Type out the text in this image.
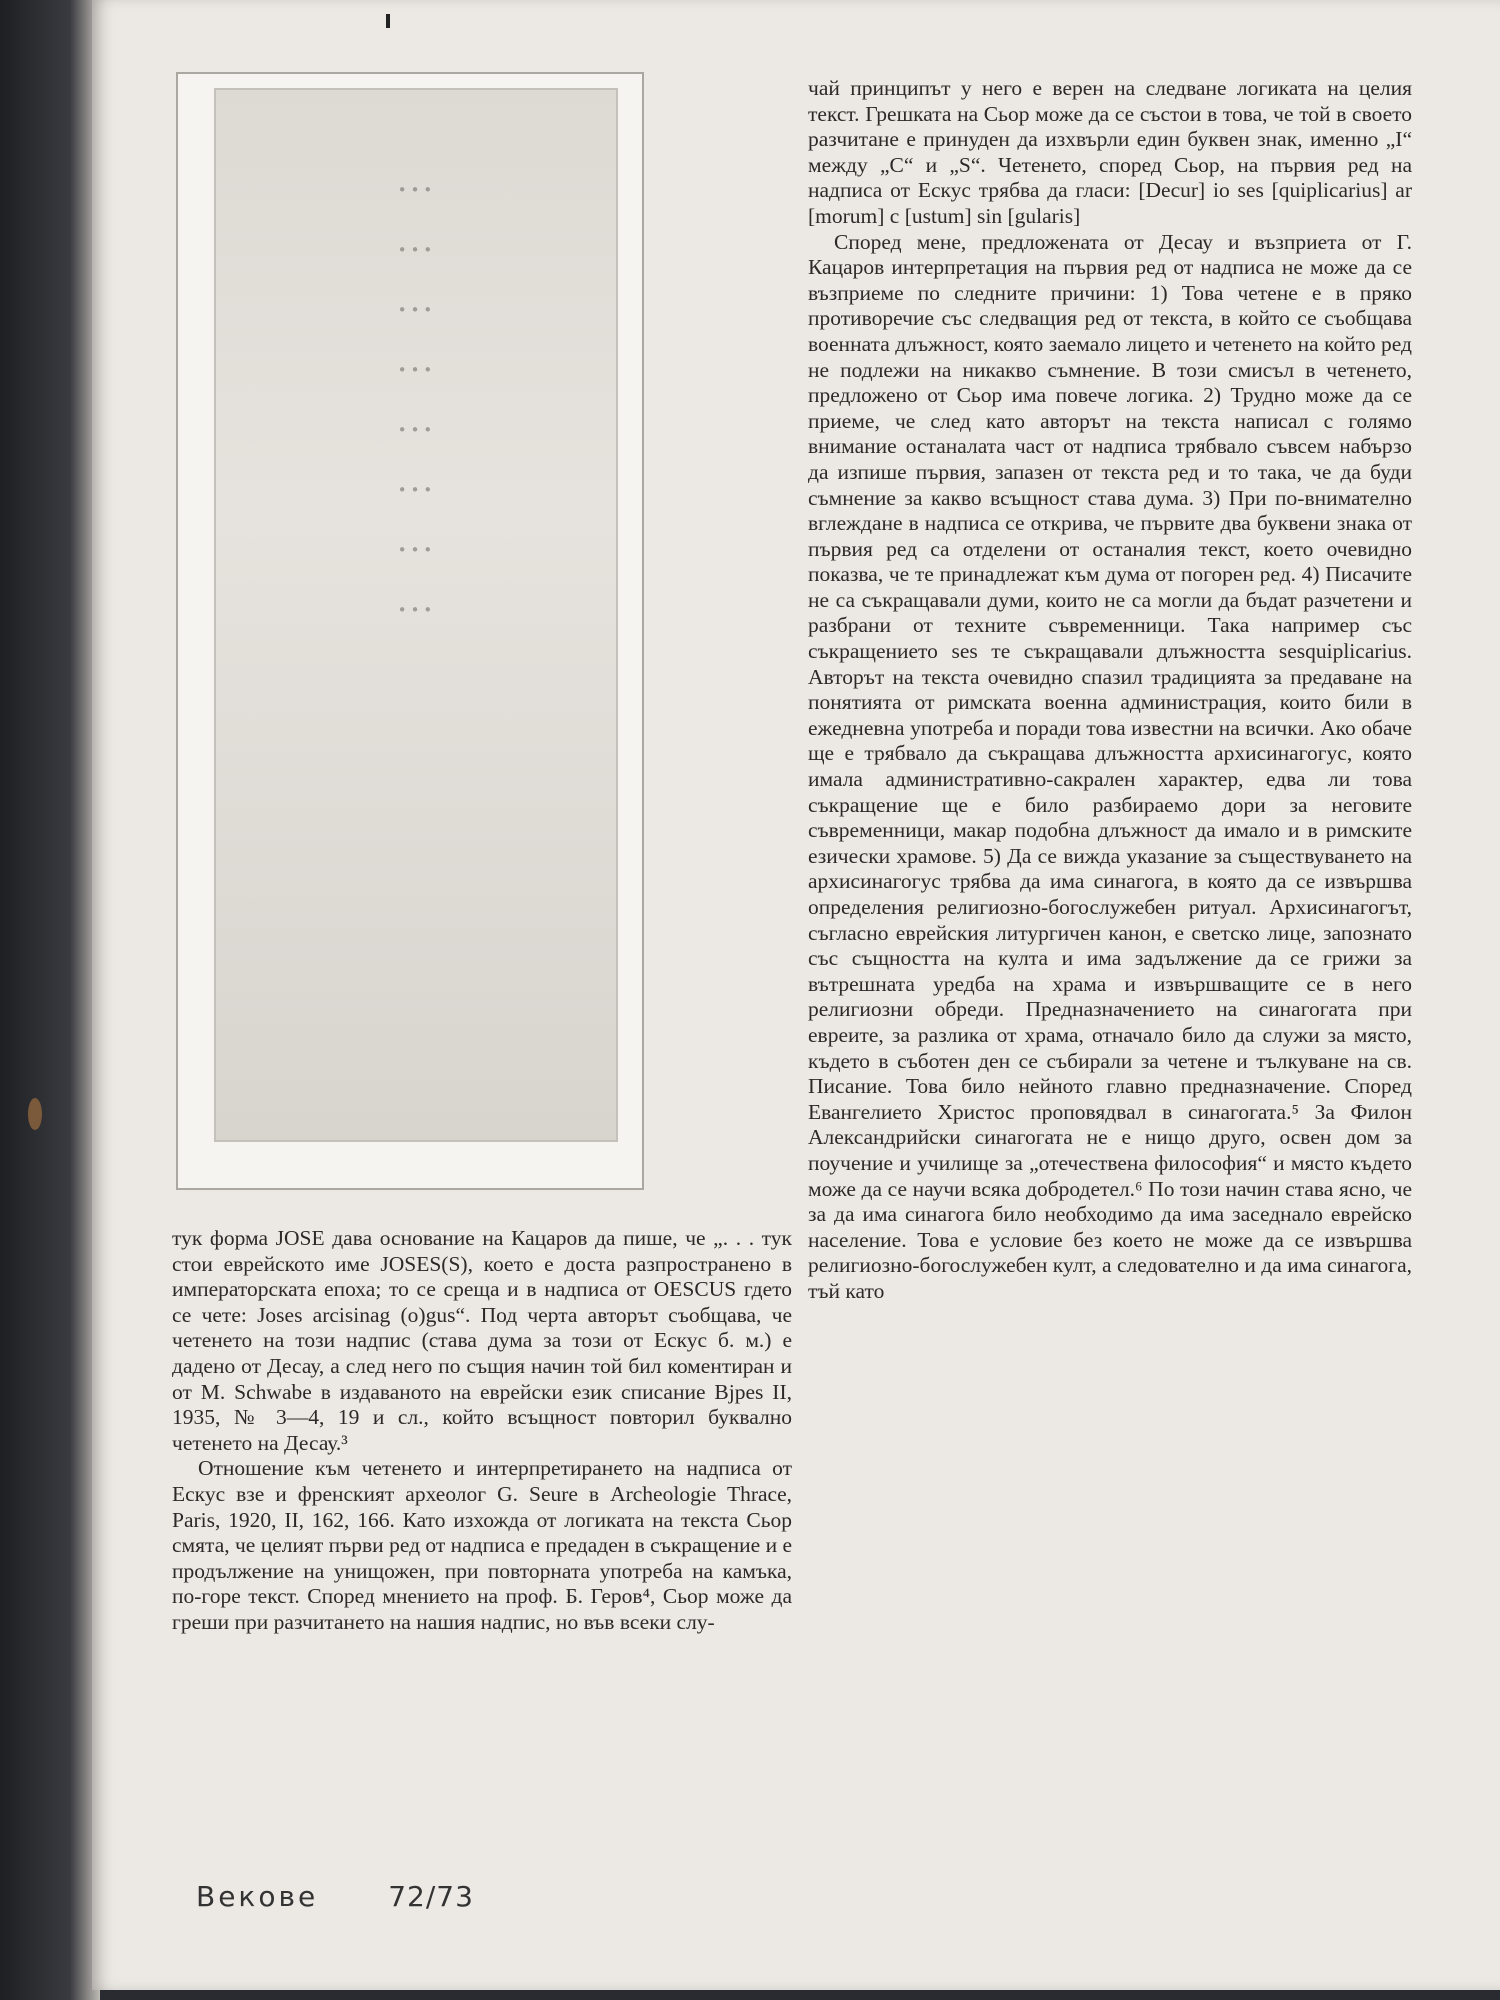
...
...
...
...
...
...
...
...

тук форма JOSE дава основание на Кацаров да пише, че „. . . тук стои еврейското име JOSES(S), което е доста разпространено в императорската епоха; то се среща и в надписа от OESCUS гдето се чете: Joses arcisinag (o)gus“. Под черта авторът съобщава, че четенето на този надпис (става дума за този от Ескус б. м.) е дадено от Десау, а след него по същия начин той бил коментиран и от М. Schwabe в издаваното на еврейски език списание Bjpes II, 1935, № 3—4, 19 и сл., който всъщност повторил буквално четенето на Десау.³

Отношение към четенето и интерпретирането на надписа от Ескус взе и френският археолог G. Seure в Archeologie Thrace, Paris, 1920, II, 162, 166. Като изхожда от логиката на текста Сьор смята, че целият първи ред от надписа е предаден в съкращение и е продължение на унищожен, при повторната употреба на камъка, по-горе текст. Според мнението на проф. Б. Геров⁴, Сьор може да греши при разчитането на нашия надпис, но във всеки слу-

чай принципът у него е верен на следване логиката на целия текст. Грешката на Сьор може да се състои в това, че той в своето разчитане е принуден да изхвърли един буквен знак, именно „I“ между „C“ и „S“. Четенето, според Сьор, на първия ред на надписа от Ескус трябва да гласи: [Decur] io ses [quiplicarius] ar [morum] c [ustum] sin [gularis]

Според мене, предложената от Десау и възприета от Г. Кацаров интерпретация на първия ред от надписа не може да се възприеме по следните причини: 1) Това четене е в пряко противоречие със следващия ред от текста, в който се съобщава военната длъжност, която заемало лицето и четенето на който ред не подлежи на никакво съмнение. В този смисъл в четенето, предложено от Сьор има повече логика. 2) Трудно може да се приеме, че след като авторът на текста написал с голямо внимание останалата част от надписа трябвало съвсем набързо да изпише първия, запазен от текста ред и то така, че да буди съмнение за какво всъщност става дума. 3) При по-внимателно вглеждане в надписа се открива, че първите два буквени знака от първия ред са отделени от останалия текст, което очевидно показва, че те принадлежат към дума от погорен ред. 4) Писачите не са съкращавали думи, които не са могли да бъдат разчетени и разбрани от техните съвременници. Така например със съкращението ses те съкращавали длъжността sesquiplicarius. Авторът на текста очевидно спазил традицията за предаване на понятията от римската военна администрация, които били в ежедневна употреба и поради това известни на всички. Ако обаче ще е трябвало да съкращава длъжността архисинагогус, която имала административно-сакрален характер, едва ли това съкращение ще е било разбираемо дори за неговите съвременници, макар подобна длъжност да имало и в римските езически храмове. 5) Да се вижда указание за съществуването на архисинагогус трябва да има синагога, в която да се извършва определения религиозно-богослужебен ритуал. Архисинагогът, съгласно еврейския литургичен канон, е светско лице, запознато със същността на култа и има задължение да се грижи за вътрешната уредба на храма и извършващите се в него религиозни обреди. Предназначението на синагогата при евреите, за разлика от храма, отначало било да служи за място, където в съботен ден се събирали за четене и тълкуване на св. Писание. Това било нейното главно предназначение. Според Евангелието Христос проповядвал в синагогата.⁵ За Филон Александрийски синагогата не е нищо друго, освен дом за поучение и училище за „отечествена философия“ и място където може да се научи всяка добродетел.⁶ По този начин става ясно, че за да има синагога било необходимо да има заседнало еврейско население. Това е условие без което не може да се извършва религиозно-богослужебен култ, а следователно и да има синагога, тъй като

Векове	72/73
